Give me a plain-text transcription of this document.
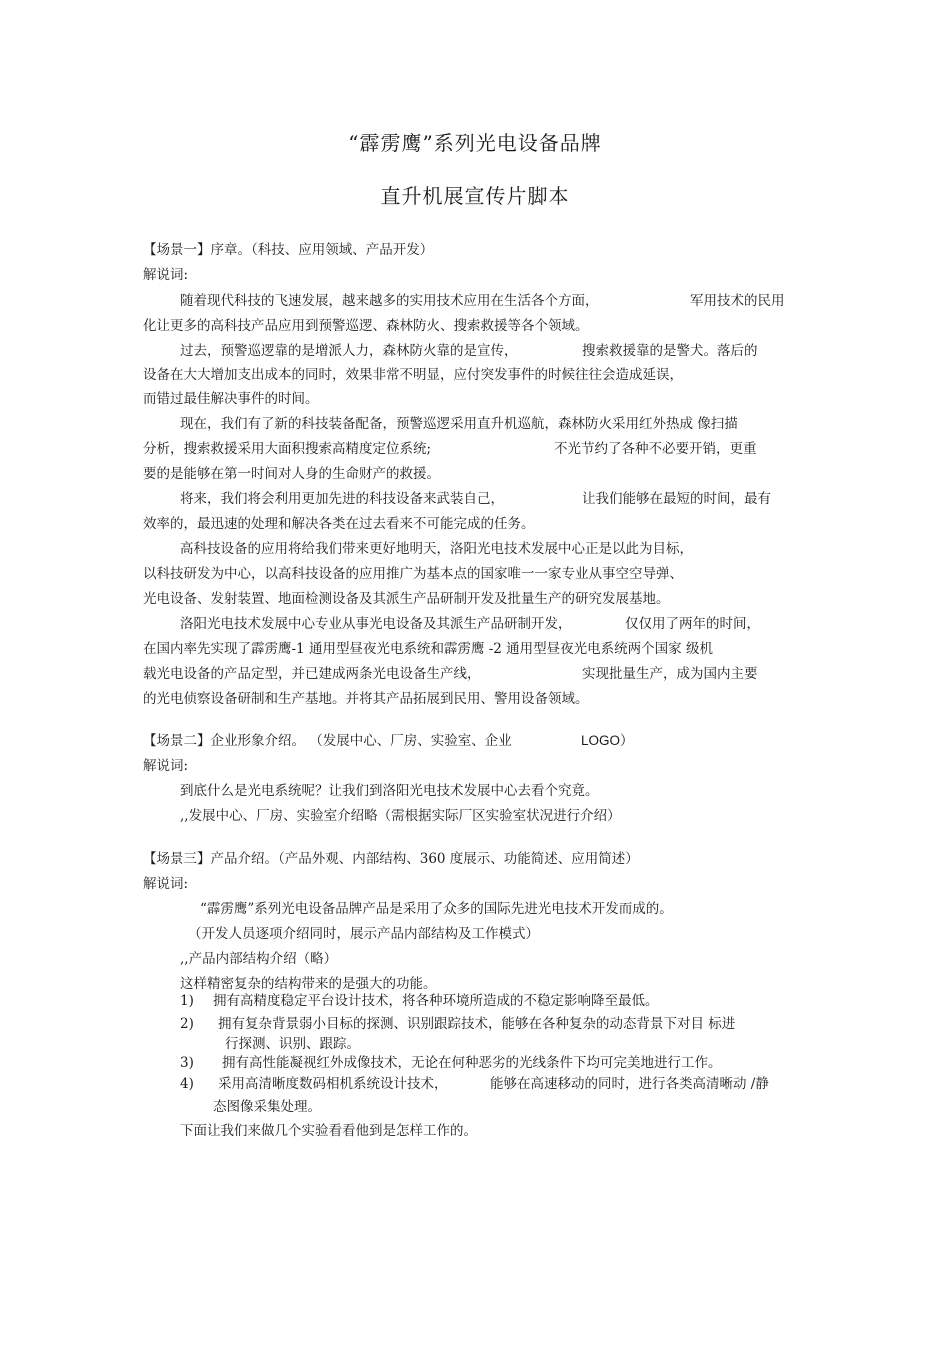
“霹雳鹰”系列光电设备品牌
直升机展宣传片脚本
【场景一】序章。（科技、应用领域、产品开发）
解说词:
随着现代科技的飞速发展，越来越多的实用技术应用在生活各个方面，	军用技术的民用
化让更多的高科技产品应用到预警巡逻、森林防火、搜索救援等各个领域。
过去，预警巡逻靠的是增派人力，森林防火靠的是宣传，	搜索救援靠的是警犬。落后的
设备在大大增加支出成本的同时，效果非常不明显，应付突发事件的时候往往会造成延误，
而错过最佳解决事件的时间。
现在，我们有了新的科技装备配备，预警巡逻采用直升机巡航，森林防火采用红外热成 像扫描
分析，搜索救援采用大面积搜索高精度定位系统;	不光节约了各种不必要开销，更重
要的是能够在第一时间对人身的生命财产的救援。
将来，我们将会利用更加先进的科技设备来武装自己，	让我们能够在最短的时间，最有
效率的，最迅速的处理和解决各类在过去看来不可能完成的任务。
高科技设备的应用将给我们带来更好地明天，洛阳光电技术发展中心正是以此为目标，
以科技研发为中心，以高科技设备的应用推广为基本点的国家唯一一家专业从事空空导弹、
光电设备、发射装置、地面检测设备及其派生产品研制开发及批量生产的研究发展基地。
洛阳光电技术发展中心专业从事光电设备及其派生产品研制开发，	仅仅用了两年的时间，
在国内率先实现了霹雳鹰-1 通用型昼夜光电系统和霹雳鹰 -2 通用型昼夜光电系统两个国家 级机
载光电设备的产品定型，并已建成两条光电设备生产线，	实现批量生产，成为国内主要
的光电侦察设备研制和生产基地。并将其产品拓展到民用、警用设备领域。
【场景二】企业形象介绍。 （发展中心、厂房、实验室、企业	LOGO）
解说词:
到底什么是光电系统呢？让我们到洛阳光电技术发展中心去看个究竟。
,,发展中心、厂房、实验室介绍略（需根据实际厂区实验室状况进行介绍）
【场景三】产品介绍。（产品外观、内部结构、360 度展示、功能简述、应用简述）
解说词:
“霹雳鹰”系列光电设备品牌产品是采用了众多的国际先进光电技术开发而成的。
（开发人员逐项介绍同时，展示产品内部结构及工作模式）
,,产品内部结构介绍（略）
这样精密复杂的结构带来的是强大的功能。
1) 拥有高精度稳定平台设计技术，将各种环境所造成的不稳定影响降至最低。
2) 拥有复杂背景弱小目标的探测、识别跟踪技术，能够在各种复杂的动态背景下对目 标进
行探测、识别、跟踪。
3) 拥有高性能凝视红外成像技术，无论在何种恶劣的光线条件下均可完美地进行工作。
4) 采用高清晰度数码相机系统设计技术，	能够在高速移动的同时，进行各类高清晰动 /静
态图像采集处理。
下面让我们来做几个实验看看他到是怎样工作的。
